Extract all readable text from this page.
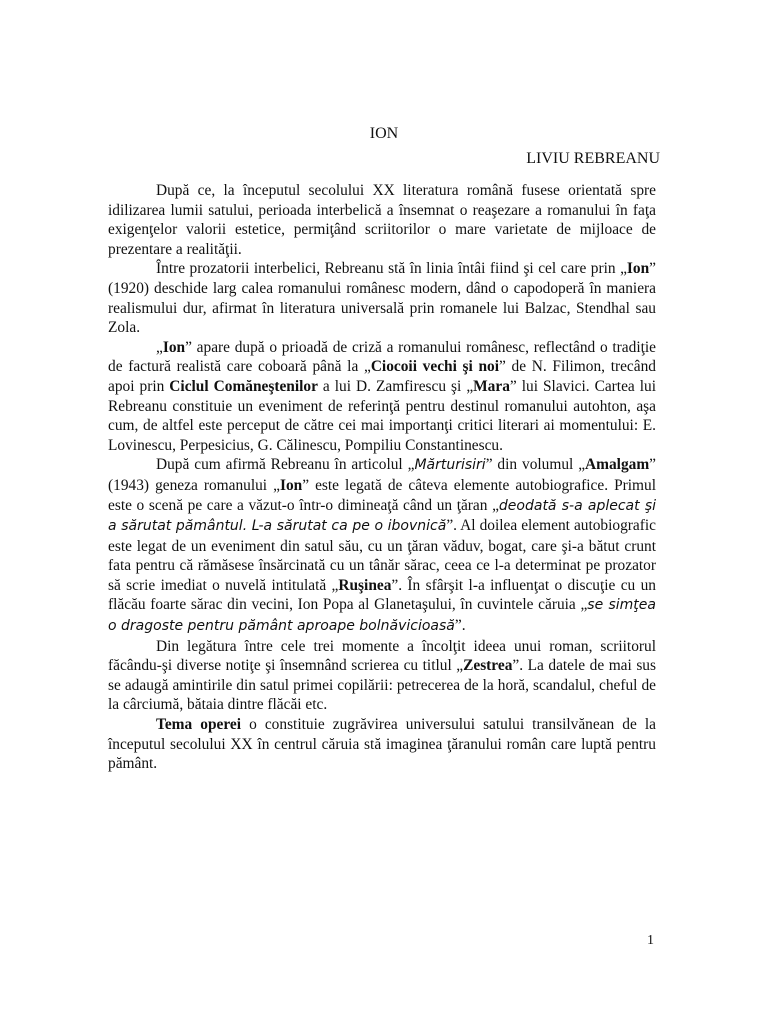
ION
LIVIU REBREANU

După ce, la începutul secolului XX literatura română fusese orientată spre idilizarea lumii satului, perioada interbelică a însemnat o reaşezare a romanului în faţa exigenţelor valorii estetice, permiţând scriitorilor o mare varietate de mijloace de prezentare a realităţii.

Între prozatorii interbelici, Rebreanu stă în linia întâi fiind şi cel care prin „Ion” (1920) deschide larg calea romanului românesc modern, dând o capodoperă în maniera realismului dur, afirmat în literatura universală prin romanele lui Balzac, Stendhal sau Zola.

„Ion” apare după o prioadă de criză a romanului românesc, reflectând o tradiţie de factură realistă care coboară până la „Ciocoii vechi şi noi” de N. Filimon, trecând apoi prin Ciclul Comăneştenilor a lui D. Zamfirescu şi „Mara” lui Slavici. Cartea lui Rebreanu constituie un eveniment de referinţă pentru destinul romanului autohton, aşa cum, de altfel este perceput de către cei mai importanţi critici literari ai momentului: E. Lovinescu, Perpesicius, G. Călinescu, Pompiliu Constantinescu.

După cum afirmă Rebreanu în articolul „Mărturisiri” din volumul „Amalgam” (1943) geneza romanului „Ion” este legată de câteva elemente autobiografice. Primul este o scenă pe care a văzut-o într-o dimineaţă când un ţăran „deodată s-a aplecat şi a sărutat pământul. L-a sărutat ca pe o ibovnică”. Al doilea element autobiografic este legat de un eveniment din satul său, cu un ţăran văduv, bogat, care şi-a bătut crunt fata pentru că rămăsese însărcinată cu un tânăr sărac, ceea ce l-a determinat pe prozator să scrie imediat o nuvelă intitulată „Ruşinea”. În sfârşit l-a influenţat o discuţie cu un flăcău foarte sărac din vecini, Ion Popa al Glanetaşului, în cuvintele căruia „se simţea o dragoste pentru pământ aproape bolnăvicioasă”.

Din legătura între cele trei momente a încolţit ideea unui roman, scriitorul făcându-şi diverse notiţe şi însemnând scrierea cu titlul „Zestrea”. La datele de mai sus se adaugă amintirile din satul primei copilării: petrecerea de la horă, scandalul, cheful de la cârciumă, bătaia dintre flăcăi etc.

Tema operei o constituie zugrăvirea universului satului transilvănean de la începutul secolului XX în centrul căruia stă imaginea ţăranului român care luptă pentru pământ.

1
